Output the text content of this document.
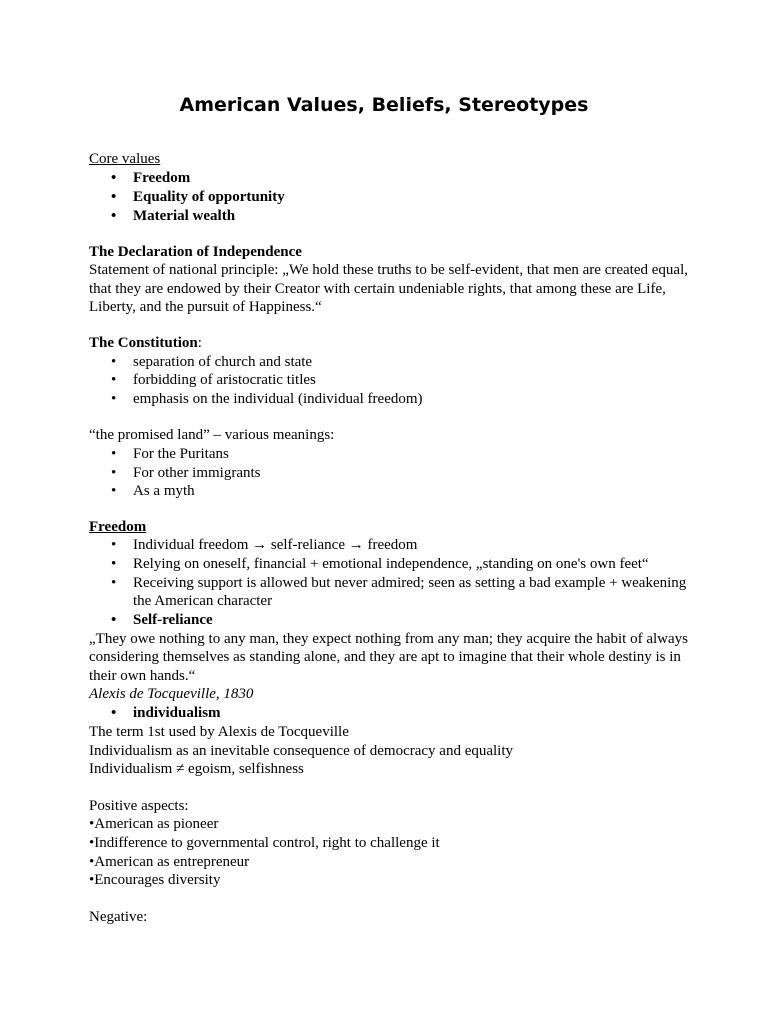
American Values, Beliefs, Stereotypes

Core values

• Freedom
• Equality of opportunity
• Material wealth

The Declaration of Independence

Statement of national principle: „We hold these truths to be self-evident, that men are created equal, that they are endowed by their Creator with certain undeniable rights, that among these are Life, Liberty, and the pursuit of Happiness.“

The Constitution:

• separation of church and state
• forbidding of aristocratic titles
• emphasis on the individual (individual freedom)

“the promised land” – various meanings:

• For the Puritans
• For other immigrants
• As a myth

Freedom

• Individual freedom → self-reliance → freedom
• Relying on oneself, financial + emotional independence, „standing on one's own feet“
• Receiving support is allowed but never admired; seen as setting a bad example + weakening the American character
• Self-reliance

„They owe nothing to any man, they expect nothing from any man; they acquire the habit of always considering themselves as standing alone, and they are apt to imagine that their whole destiny is in their own hands.“

Alexis de Tocqueville, 1830

• individualism

The term 1st used by Alexis de Tocqueville

Individualism as an inevitable consequence of democracy and equality

Individualism ≠ egoism, selfishness

Positive aspects:

•American as pioneer

•Indifference to governmental control, right to challenge it

•American as entrepreneur

•Encourages diversity

Negative:
